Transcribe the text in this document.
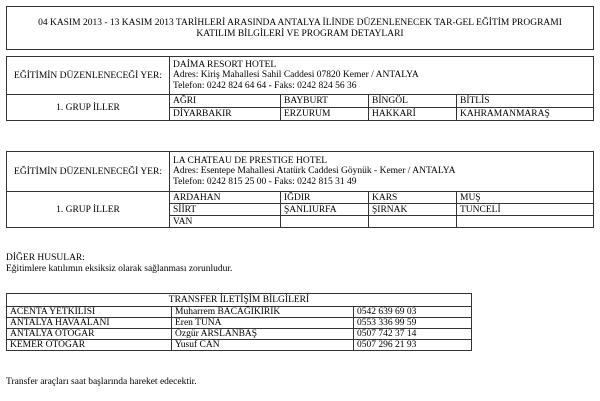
04 KASIM 2013 - 13 KASIM 2013 TARİHLERİ ARASINDA ANTALYA İLİNDE DÜZENLENECEK TAR-GEL EĞİTİM PROGRAMI
KATILIM BİLGİLERİ VE PROGRAM DETAYLARI
EĞİTİMİN DÜZENLENECEĞİ YER:	DAİMA RESORT HOTEL
Adres: Kiriş Mahallesi Sahil Caddesi 07820 Kemer / ANTALYA
Telefon: 0242 824 64 64 - Faks: 0242 824 56 36			

1. GRUP İLLER	AĞRI	BAYBURT	BİNGÖL	BİTLİS
	DİYARBAKIR	ERZURUM	HAKKARİ	KAHRAMANMARAŞ
EĞİTİMİN DÜZENLENECEĞİ YER:	LA CHATEAU DE PRESTIGE HOTEL
Adres: Esentepe Mahallesi Atatürk Caddesi Göynük - Kemer / ANTALYA
Telefon: 0242 815 25 00 - Faks: 0242 815 31 49			

1. GRUP İLLER	ARDAHAN	IĞDIR	KARS	MUŞ
	SİİRT	ŞANLIURFA	ŞIRNAK	TUNCELİ
	VAN			
DİĞER HUSULAR:
Eğitimlere katılımın eksiksiz olarak sağlanması zorunludur.
TRANSFER İLETİŞİM BİLGİLERİ		
ACENTA YETKİLİSİ	Muharrem BACAĞIKIRIK	0542 639 69 03
ANTALYA HAVAALANI	Eren TUNA	0553 336 99 59
ANTALYA OTOGAR	Özgür ARSLANBAŞ	0507 742 37 14
KEMER OTOGAR	Yusuf CAN	0507 296 21 93
Transfer araçları saat başlarında hareket edecektir.
